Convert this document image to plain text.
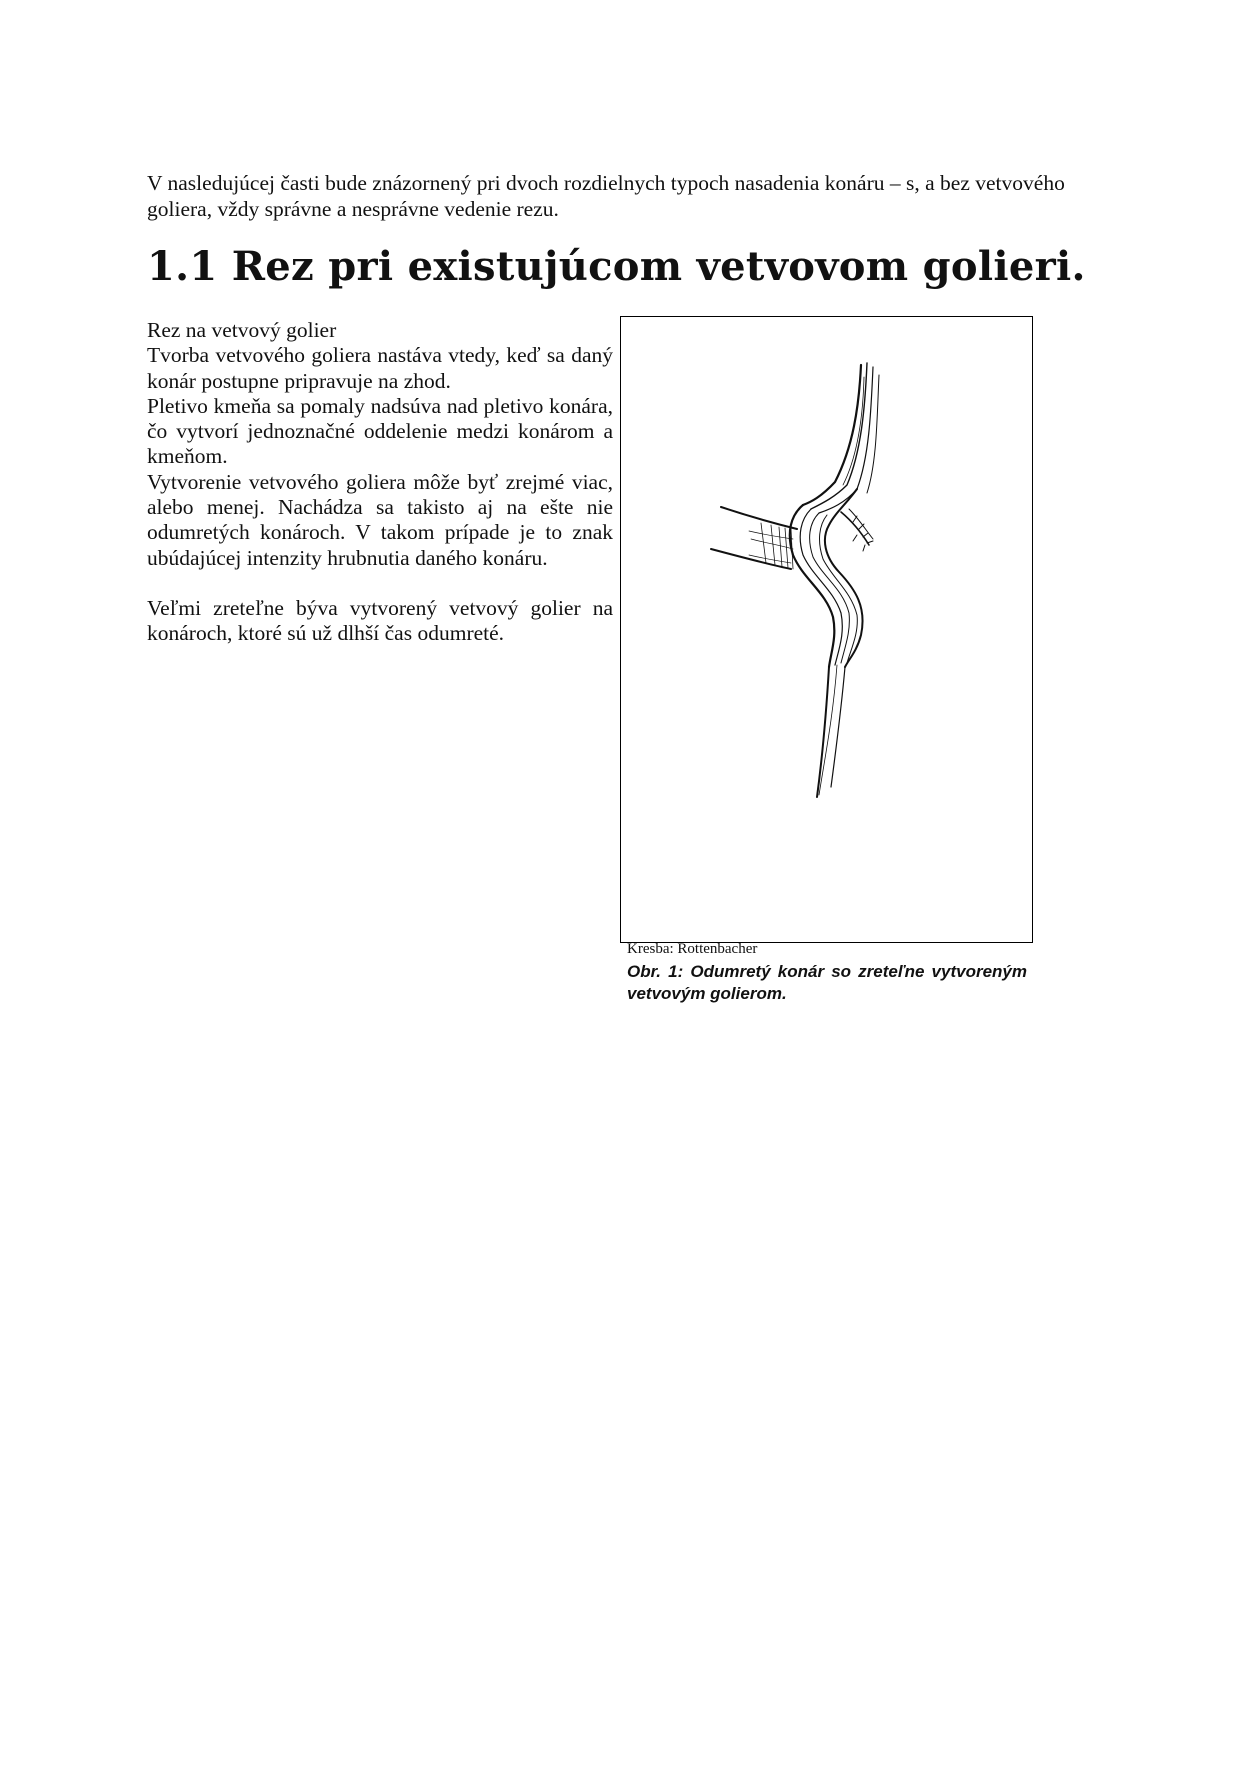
V nasledujúcej časti bude znázornený pri dvoch rozdielnych typoch nasadenia konáru – s, a bez vetvového goliera, vždy správne a nesprávne vedenie rezu.

1.1 Rez pri existujúcom vetvovom golieri.

Rez na vetvový golier

Tvorba vetvového goliera nastáva vtedy, keď sa daný konár postupne pripravuje na zhod.

Pletivo kmeňa sa pomaly nadsúva nad pletivo konára, čo vytvorí jednoznačné oddelenie medzi konárom a kmeňom.

Vytvorenie vetvového goliera môže byť zrejmé viac, alebo menej. Nachádza sa takisto aj na ešte nie odumretých konároch. V takom prípade je to znak ubúdajúcej intenzity hrubnutia daného konáru.

Veľmi zreteľne býva vytvorený vetvový golier na konároch, ktoré sú už dlhší čas odumreté.

Kresba: Rottenbacher

Obr. 1: Odumretý konár so zreteľne vytvoreným vetvovým golierom.
